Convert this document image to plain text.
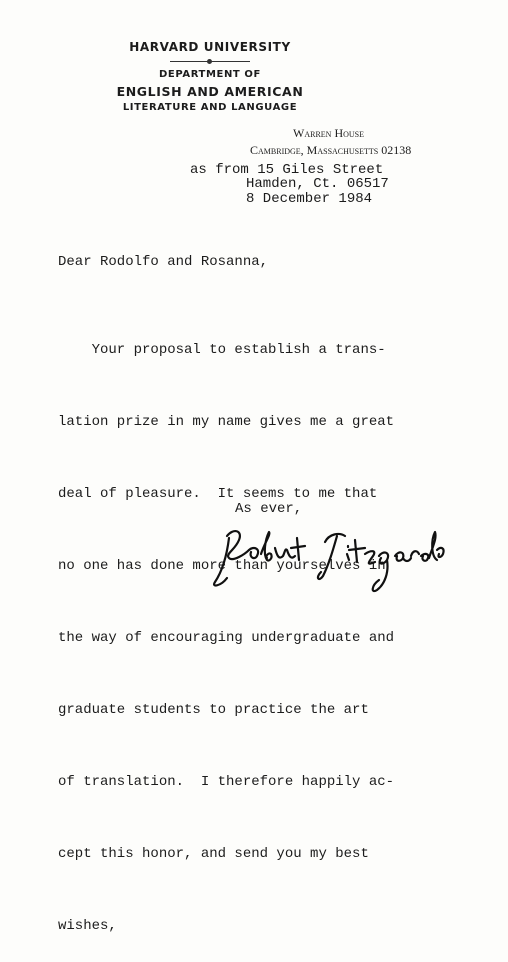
HARVARD UNIVERSITY
DEPARTMENT OF
ENGLISH AND AMERICAN
LITERATURE AND LANGUAGE
Warren House
Cambridge, Massachusetts 02138
as from 15 Giles Street
Hamden, Ct. 06517
8 December 1984
Dear Rodolfo and Rosanna,

Your proposal to establish a trans-

lation prize in my name gives me a great

deal of pleasure.  It seems to me that

no one has done more than yourselves in

the way of encouraging undergraduate and

graduate students to practice the art

of translation.  I therefore happily ac-

cept this honor, and send you my best

wishes,

As ever,
